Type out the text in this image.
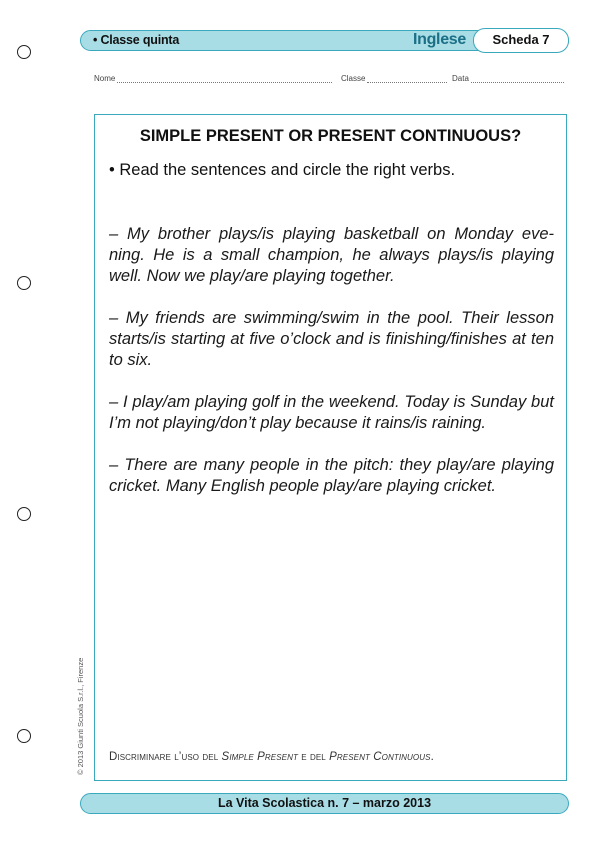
• Classe quinta	Inglese	Scheda 7
Nome	Classe	Data
SIMPLE PRESENT OR PRESENT CONTINUOUS?
• Read the sentences and circle the right verbs.
– My brother plays/is playing basketball on Monday eve-ning. He is a small champion, he always plays/is playing well. Now we play/are playing together.
– My friends are swimming/swim in the pool. Their lesson starts/is starting at five o’clock and is finishing/finishes at ten to six.
– I play/am playing golf in the weekend. Today is Sunday but I’m not playing/don’t play because it rains/is raining.
– There are many people in the pitch: they play/are playing cricket. Many English people play/are playing cricket.
Discriminare l’uso del Simple Present e del Present Continuous.
© 2013 Giunti Scuola S.r.l., Firenze
La Vita Scolastica n. 7 – marzo 2013
